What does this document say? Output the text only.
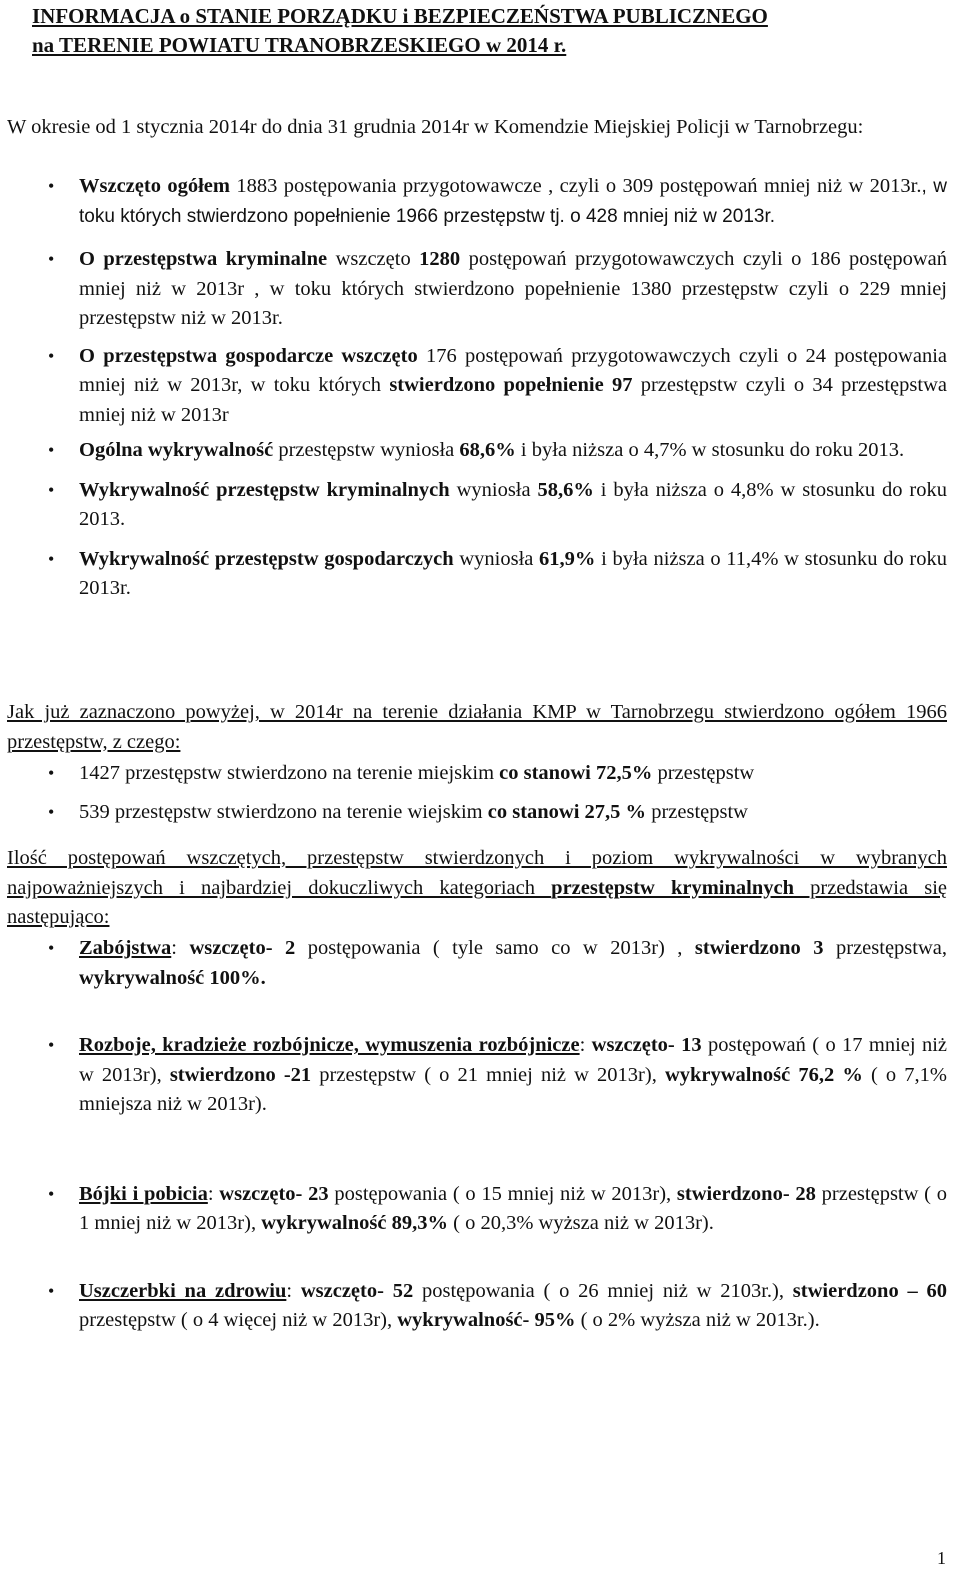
INFORMACJA o STANIE PORZĄDKU i BEZPIECZEŃSTWA PUBLICZNEGO
na TERENIE POWIATU TRANOBRZESKIEGO w 2014 r.
W okresie od 1 stycznia 2014r do dnia 31 grudnia 2014r w Komendzie Miejskiej Policji w Tarnobrzegu:
• Wszczęto ogółem 1883 postępowania przygotowawcze , czyli o 309 postępowań mniej niż w 2013r., w toku których stwierdzono popełnienie 1966 przestępstw tj. o 428 mniej niż w 2013r.
• O przestępstwa kryminalne wszczęto 1280 postępowań przygotowawczych czyli o 186 postępowań mniej niż w 2013r , w toku których stwierdzono popełnienie 1380 przestępstw czyli o 229 mniej przestępstw niż w 2013r.
• O przestępstwa gospodarcze wszczęto 176 postępowań przygotowawczych czyli o 24 postępowania mniej niż w 2013r, w toku których stwierdzono popełnienie 97 przestępstw czyli o 34 przestępstwa mniej niż w 2013r
• Ogólna wykrywalność przestępstw wyniosła 68,6% i była niższa o 4,7% w stosunku do roku 2013.
• Wykrywalność przestępstw kryminalnych wyniosła 58,6% i była niższa o 4,8% w stosunku do roku 2013.
• Wykrywalność przestępstw gospodarczych wyniosła 61,9% i była niższa o 11,4% w stosunku do roku 2013r.
Jak już zaznaczono powyżej, w 2014r na terenie działania KMP w Tarnobrzegu stwierdzono ogółem 1966 przestępstw, z czego:
• 1427 przestępstw stwierdzono na terenie miejskim co stanowi 72,5% przestępstw
• 539 przestępstw stwierdzono na terenie wiejskim co stanowi 27,5 % przestępstw
Ilość postępowań wszczętych, przestępstw stwierdzonych i poziom wykrywalności w wybranych najpoważniejszych i najbardziej dokuczliwych kategoriach przestępstw kryminalnych przedstawia się następująco:
• Zabójstwa: wszczęto- 2 postępowania ( tyle samo co w 2013r) , stwierdzono 3 przestępstwa, wykrywalność 100%.
• Rozboje, kradzieże rozbójnicze, wymuszenia rozbójnicze: wszczęto- 13 postępowań ( o 17 mniej niż w 2013r), stwierdzono -21 przestępstw ( o 21 mniej niż w 2013r), wykrywalność 76,2 % ( o 7,1% mniejsza niż w 2013r).
• Bójki i pobicia: wszczęto- 23 postępowania ( o 15 mniej niż w 2013r), stwierdzono- 28 przestępstw ( o 1 mniej niż w 2013r), wykrywalność 89,3% ( o 20,3% wyższa niż w 2013r).
• Uszczerbki na zdrowiu: wszczęto- 52 postępowania ( o 26 mniej niż w 2103r.), stwierdzono – 60 przestępstw ( o 4 więcej niż w 2013r), wykrywalność- 95% ( o 2% wyższa niż w 2013r.).
1
